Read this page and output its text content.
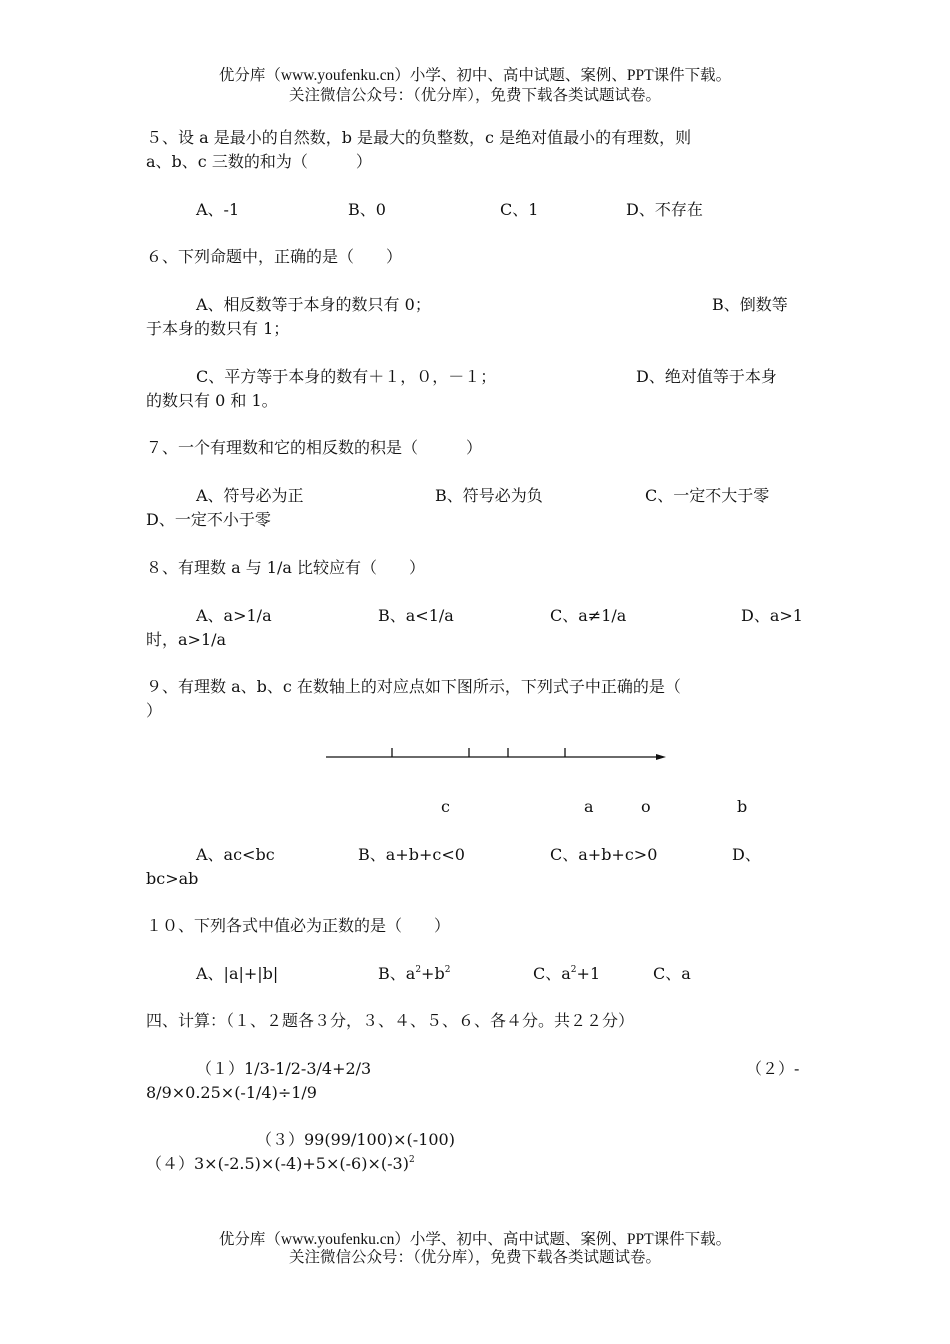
优分库（www.youfenku.cn）小学、初中、高中试题、案例、PPT课件下载。
关注微信公众号：（优分库），免费下载各类试题试卷。
５、设 a 是最小的自然数，b 是最大的负整数，c 是绝对值最小的有理数，则
a、b、c 三数的和为（　　　）
A、-1	B、0	C、1	D、不存在
６、下列命题中，正确的是（　　）
A、相反数等于本身的数只有 0；	B、倒数等
于本身的数只有 1；
C、平方等于本身的数有＋１，０，－１；	D、绝对值等于本身
的数只有 0 和 1。
７、一个有理数和它的相反数的积是（　　　）
A、符号必为正	B、符号必为负	C、一定不大于零
D、一定不小于零
８、有理数 a 与 1/a 比较应有（　　）
A、a>1/a	B、a<1/a	C、a≠1/a	D、a>1
时，a>1/a
９、有理数 a、b、c 在数轴上的对应点如下图所示，下列式子中正确的是（
）
c	a	o	b
A、ac<bc	B、a+b+c<0	C、a+b+c>0	D、
bc>ab
１０、下列各式中值必为正数的是（　　）
A、|a|+|b|	B、$a^2+b^2$	C、$a^2+1$	C、a
四、计算：（１、２题各３分，３、４、５、６、各４分。共２２分）
（１）1/3-1/2-3/4+2/3	（２）-
8/9×0.25×(-1/4)÷1/9
（３）99(99/100)×(-100)
$(4)3\times(-2.5)\times(-4)+5\times(-6)\times(-3)^2$
优分库（www.youfenku.cn）小学、初中、高中试题、案例、PPT课件下载。
关注微信公众号：（优分库），免费下载各类试题试卷。
